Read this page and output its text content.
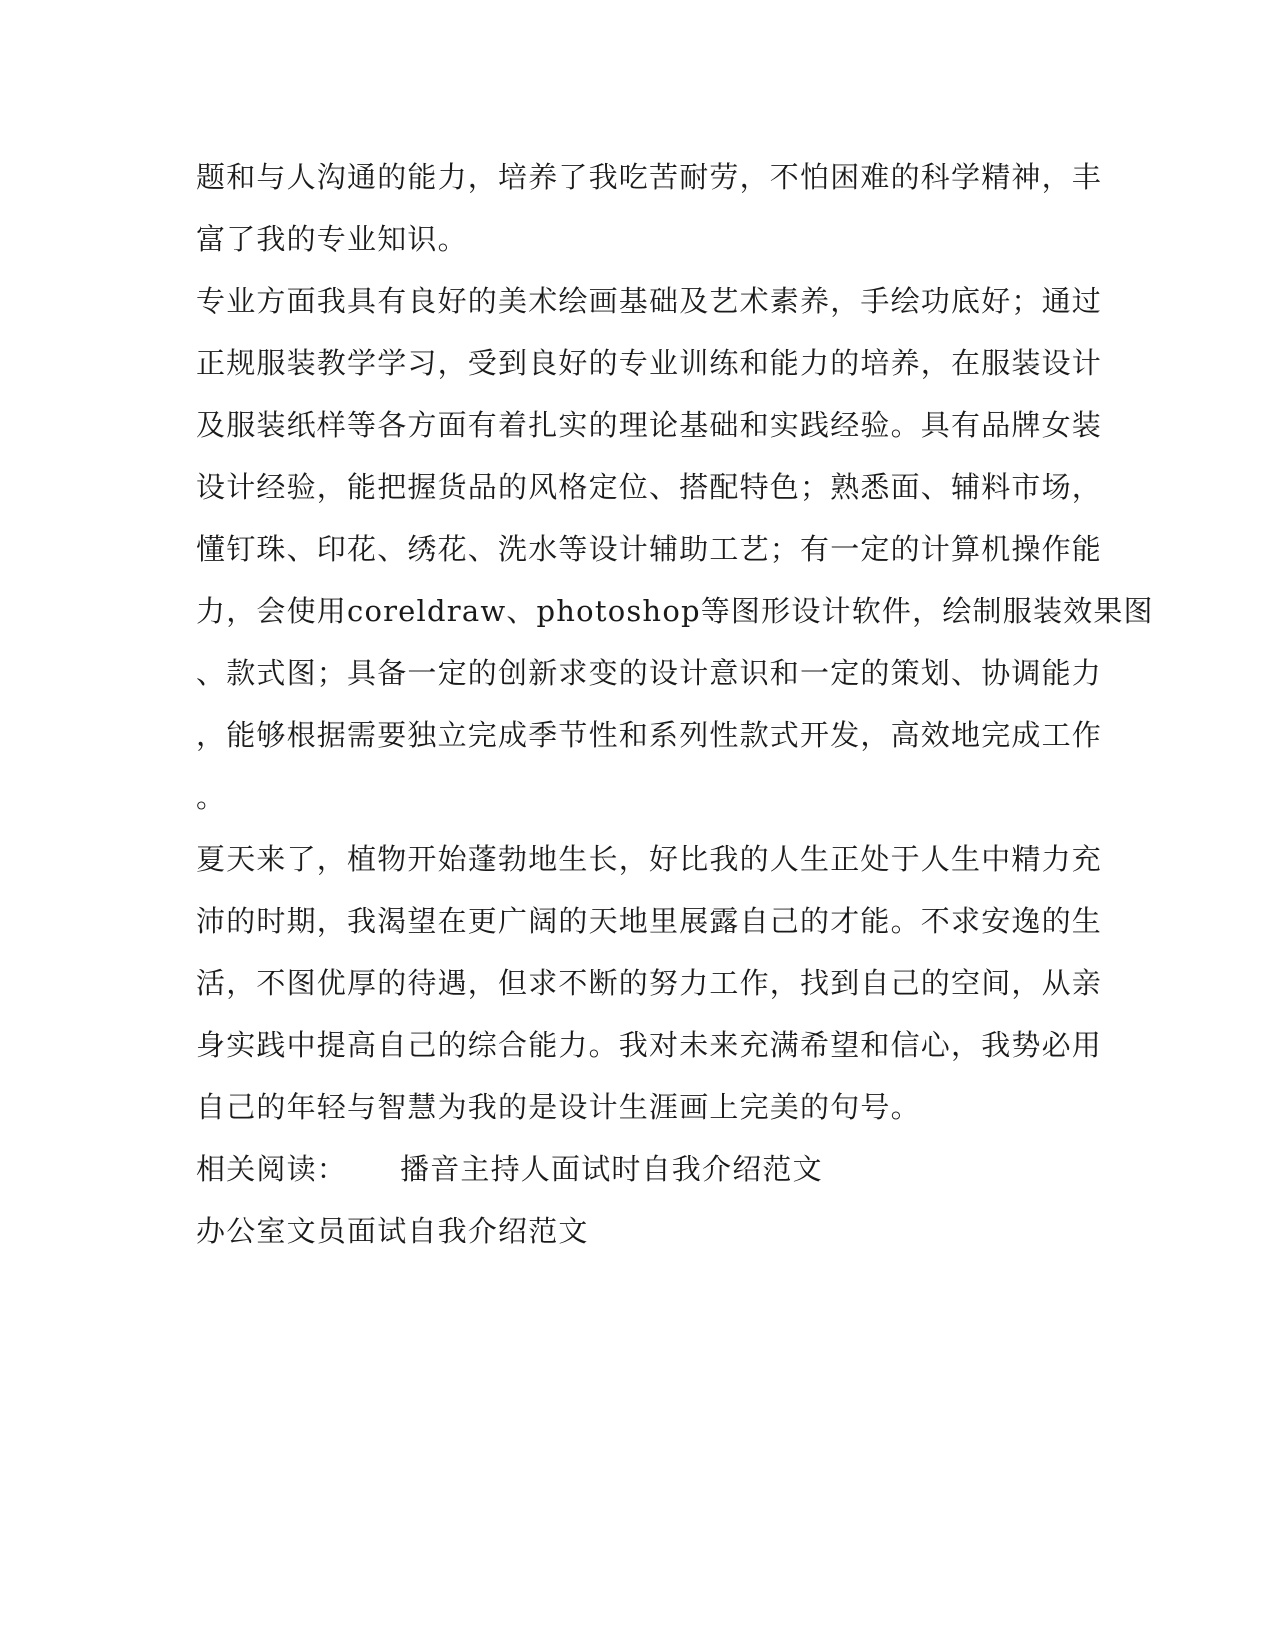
题和与人沟通的能力，培养了我吃苦耐劳，不怕困难的科学精神，丰
富了我的专业知识。
专业方面我具有良好的美术绘画基础及艺术素养，手绘功底好；通过
正规服装教学学习，受到良好的专业训练和能力的培养，在服装设计
及服装纸样等各方面有着扎实的理论基础和实践经验。具有品牌女装
设计经验，能把握货品的风格定位、搭配特色；熟悉面、辅料市场，
懂钉珠、印花、绣花、洗水等设计辅助工艺；有一定的计算机操作能
力，会使用coreldraw、photoshop等图形设计软件，绘制服装效果图
、款式图；具备一定的创新求变的设计意识和一定的策划、协调能力
，能够根据需要独立完成季节性和系列性款式开发，高效地完成工作
。
夏天来了，植物开始蓬勃地生长，好比我的人生正处于人生中精力充
沛的时期，我渴望在更广阔的天地里展露自己的才能。不求安逸的生
活，不图优厚的待遇，但求不断的努力工作，找到自己的空间，从亲
身实践中提高自己的综合能力。我对未来充满希望和信心，我势必用
自己的年轻与智慧为我的是设计生涯画上完美的句号。
相关阅读：	播音主持人面试时自我介绍范文
办公室文员面试自我介绍范文
